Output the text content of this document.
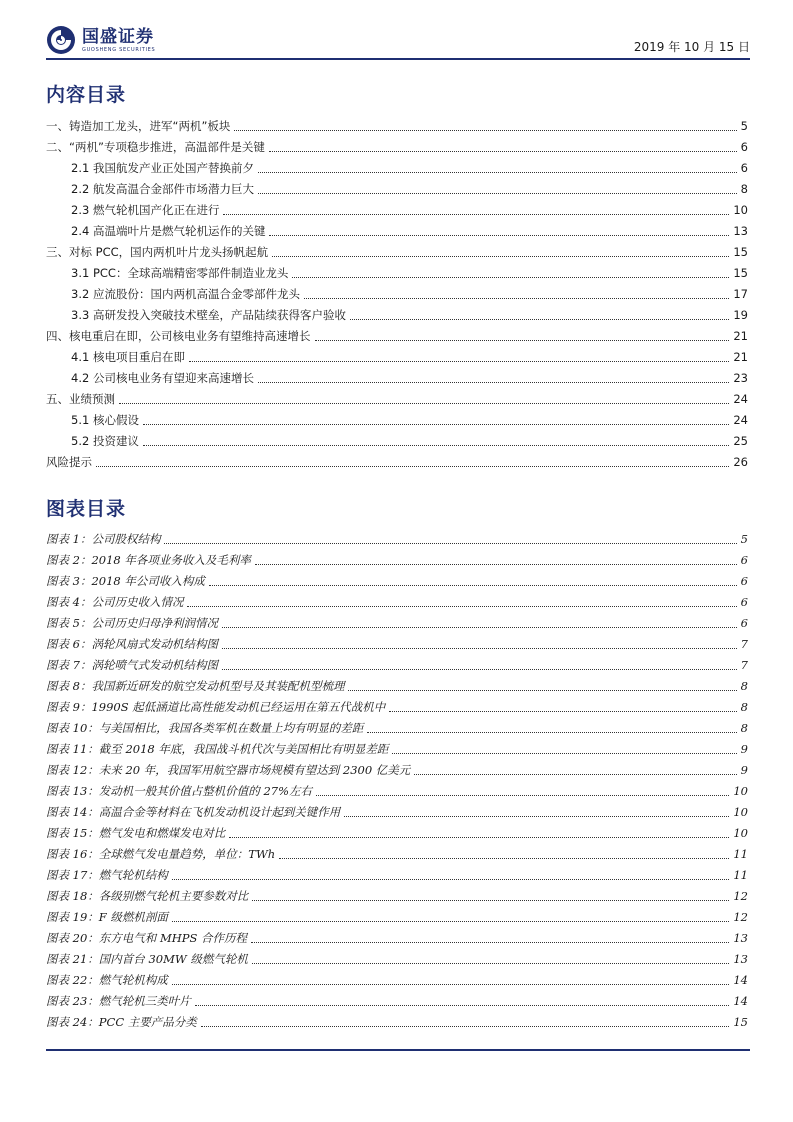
国盛证券
GUOSHENG SECURITIES	2019 年 10 月 15 日
内容目录
一、铸造加工龙头，进军“两机”板块	5
二、“两机”专项稳步推进，高温部件是关键	6
2.1 我国航发产业正处国产替换前夕	6
2.2 航发高温合金部件市场潜力巨大	8
2.3 燃气轮机国产化正在进行	10
2.4 高温端叶片是燃气轮机运作的关键	13
三、对标 PCC，国内两机叶片龙头扬帆起航	15
3.1 PCC：全球高端精密零部件制造业龙头	15
3.2 应流股份：国内两机高温合金零部件龙头	17
3.3 高研发投入突破技术壁垒，产品陆续获得客户验收	19
四、核电重启在即，公司核电业务有望维持高速增长	21
4.1 核电项目重启在即	21
4.2 公司核电业务有望迎来高速增长	23
五、业绩预测	24
5.1 核心假设	24
5.2 投资建议	25
风险提示	26
图表目录
图表 1：公司股权结构	5
图表 2：2018 年各项业务收入及毛利率	6
图表 3：2018 年公司收入构成	6
图表 4：公司历史收入情况	6
图表 5：公司历史归母净利润情况	6
图表 6：涡轮风扇式发动机结构图	7
图表 7：涡轮喷气式发动机结构图	7
图表 8：我国新近研发的航空发动机型号及其装配机型梳理	8
图表 9：1990S 起低涵道比高性能发动机已经运用在第五代战机中	8
图表 10：与美国相比，我国各类军机在数量上均有明显的差距	8
图表 11：截至 2018 年底，我国战斗机代次与美国相比有明显差距	9
图表 12：未来 20 年，我国军用航空器市场规模有望达到 2300 亿美元	9
图表 13：发动机一般其价值占整机价值的 27%左右	10
图表 14：高温合金等材料在飞机发动机设计起到关键作用	10
图表 15：燃气发电和燃煤发电对比	10
图表 16：全球燃气发电量趋势，单位：TWh	11
图表 17：燃气轮机结构	11
图表 18：各级别燃气轮机主要参数对比	12
图表 19：F 级燃机剖面	12
图表 20：东方电气和 MHPS 合作历程	13
图表 21：国内首台 30MW 级燃气轮机	13
图表 22：燃气轮机构成	14
图表 23：燃气轮机三类叶片	14
图表 24：PCC 主要产品分类	15
